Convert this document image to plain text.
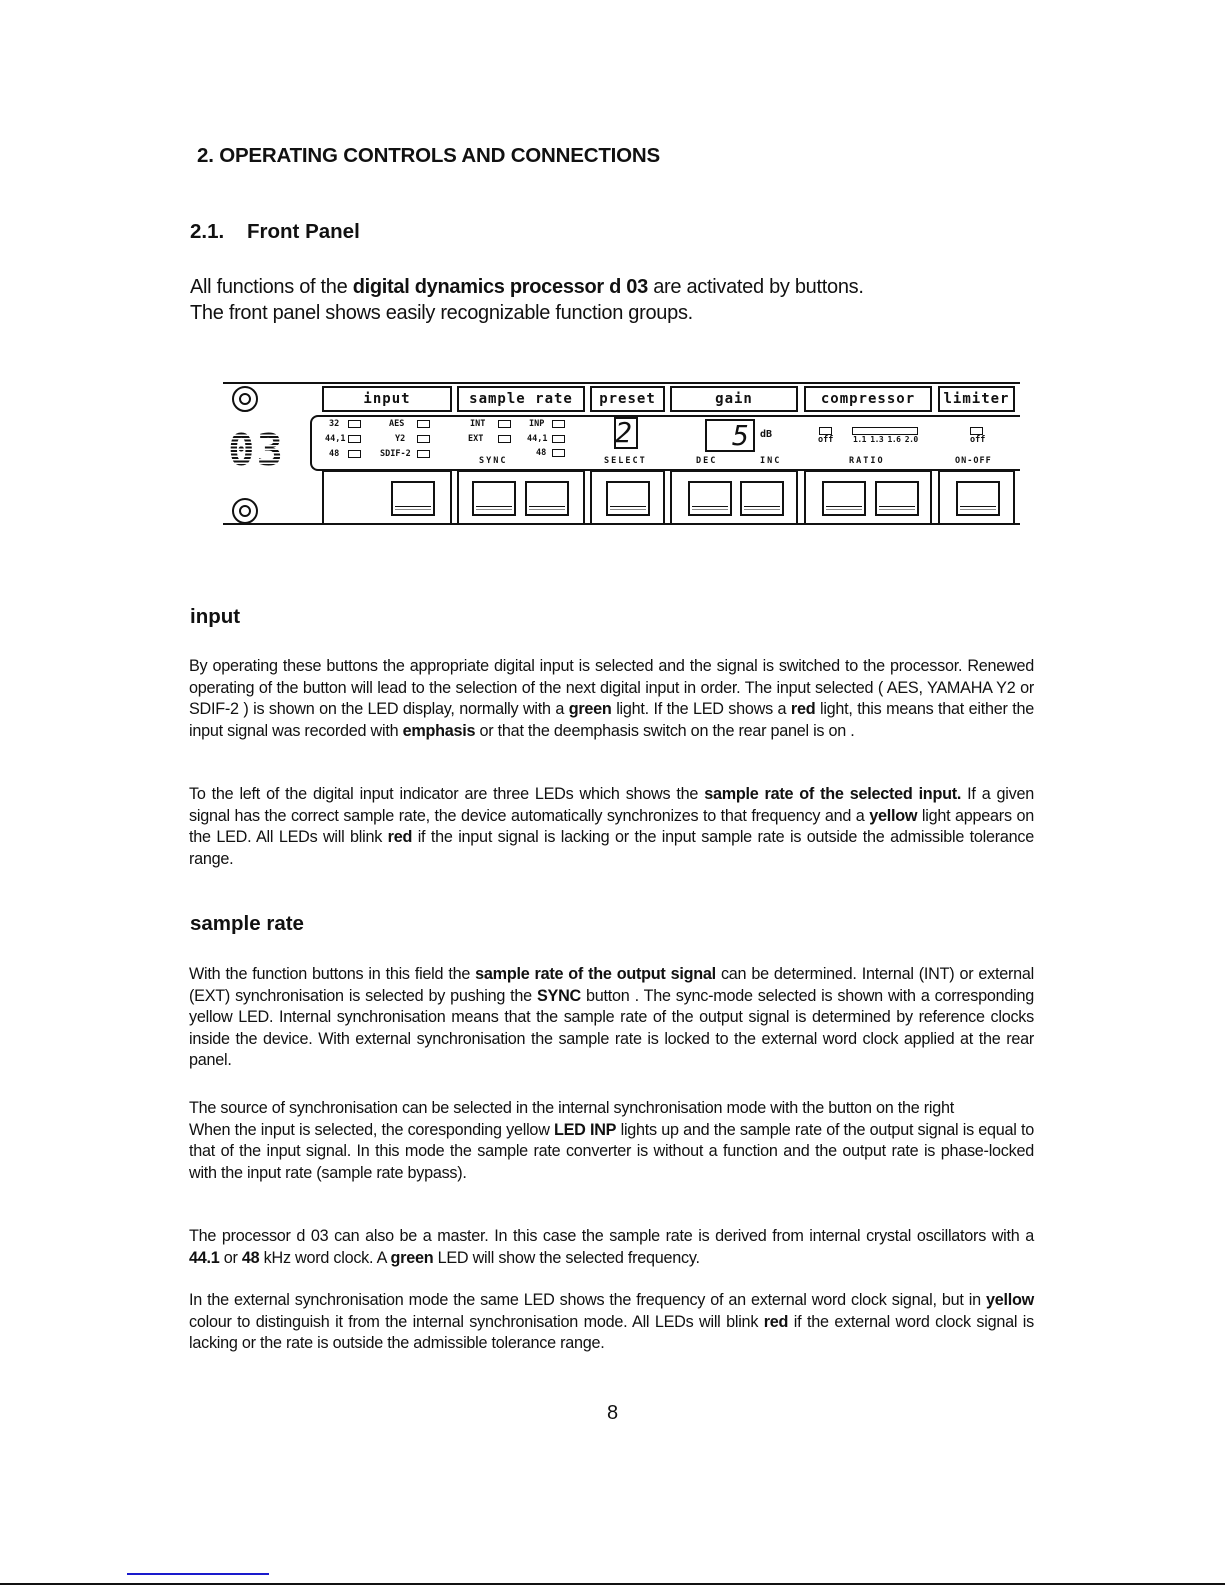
2. OPERATING CONTROLS AND CONNECTIONS
2.1. Front Panel
All functions of the digital dynamics processor d 03 are activated by buttons.
The front panel shows easily recognizable function groups.
03
input	sample rate	preset	gain	compressor	limiter
32
44,1
48
AES
Y2
SDIF-2
INT
EXT
INP
44,1
48
SYNC
2
SELECT
5	dB
DEC	INC
off 1.1 1.3 1.6 2.0
RATIO
off
ON-OFF
input
By operating these buttons the appropriate digital input is selected and the signal is switched to the processor. Renewed operating of the button will lead to the selection of the next digital input in order. The input selected ( AES, YAMAHA Y2 or SDIF-2 ) is shown on the LED display, normally with a green light. If the LED shows a red light, this means that either the input signal was recorded with emphasis or that the deemphasis switch on the rear panel is on .
To the left of the digital input indicator are three LEDs which shows the sample rate of the selected input. If a given signal has the correct sample rate, the device automatically synchronizes to that frequency and a yellow light appears on the LED. All LEDs will blink red if the input signal is lacking or the input sample rate is outside the admissible tolerance range.
sample rate
With the function buttons in this field the sample rate of the output signal can be determined. Internal (INT) or external (EXT) synchronisation is selected by pushing the SYNC button . The sync-mode selected is shown with a corresponding yellow LED. Internal synchronisation means that the sample rate of the output signal is determined by reference clocks inside the device. With external synchronisation the sample rate is locked to the external word clock applied at the rear panel.
The source of synchronisation can be selected in the internal synchronisation mode with the button on the right
When the input is selected, the coresponding yellow LED INP lights up and the sample rate of the output signal is equal to that of the input signal. In this mode the sample rate converter is without a function and the output rate is phase-locked with the input rate (sample rate bypass).
The processor d 03 can also be a master. In this case the sample rate is derived from internal crystal oscillators with a 44.1 or 48 kHz word clock. A green LED will show the selected frequency.
In the external synchronisation mode the same LED shows the frequency of an external word clock signal, but in yellow colour to distinguish it from the internal synchronisation mode. All LEDs will blink red if the external word clock signal is lacking or the rate is outside the admissible tolerance range.
8
